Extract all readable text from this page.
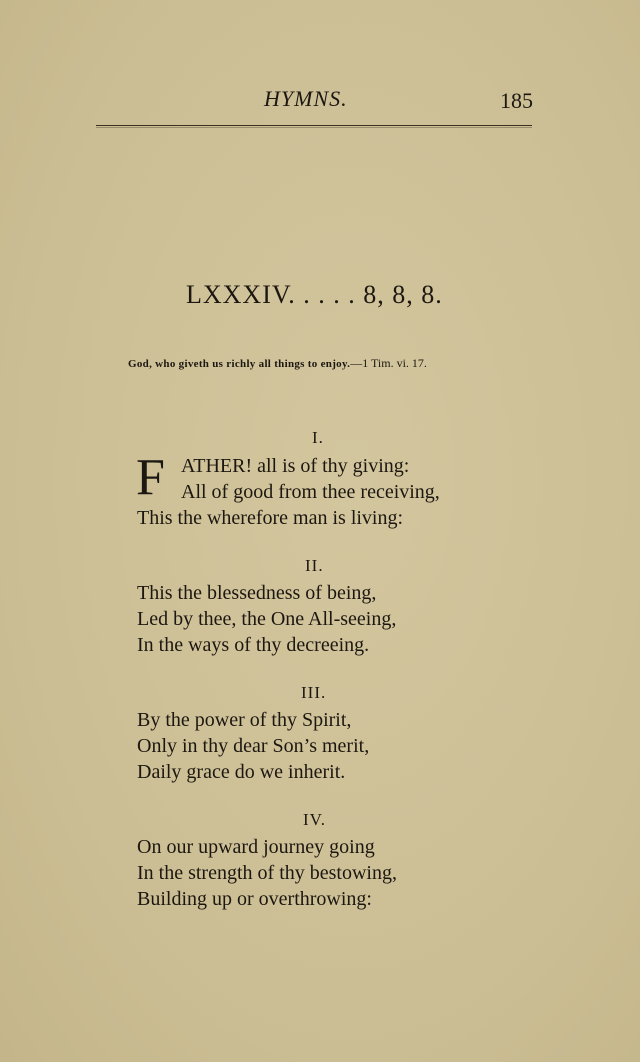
HYMNS.	185
LXXXIV. . . . . 8, 8, 8.
God, who giveth us richly all things to enjoy.—1 Tim. vi. 17.
I.
F ATHER! all is of thy giving:
All of good from thee receiving,
This the wherefore man is living:
II.
This the blessedness of being,
Led by thee, the One All-seeing,
In the ways of thy decreeing.
III.
By the power of thy Spirit,
Only in thy dear Son’s merit,
Daily grace do we inherit.
IV.
On our upward journey going
In the strength of thy bestowing,
Building up or overthrowing:
